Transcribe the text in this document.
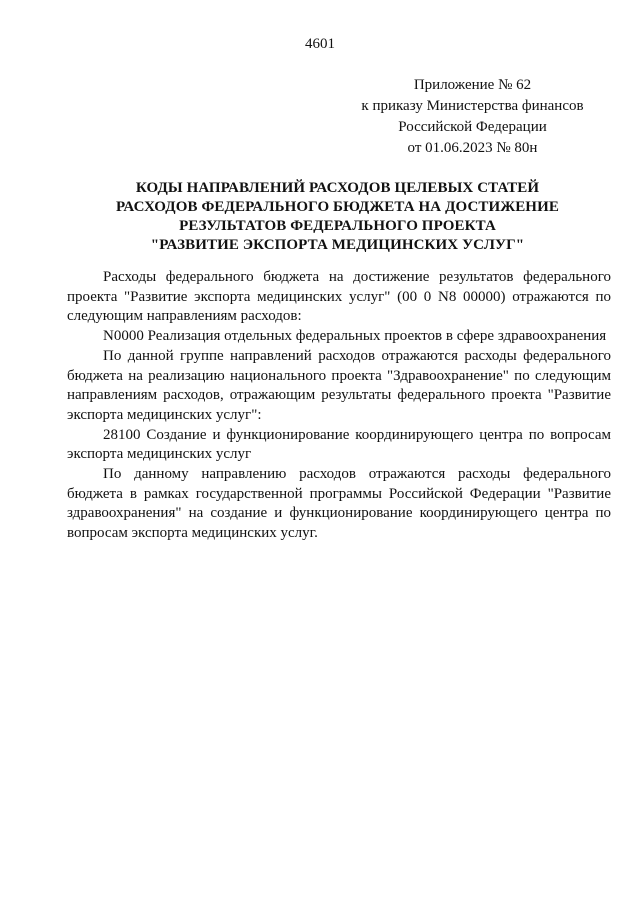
4601
Приложение № 62
к приказу Министерства финансов
Российской Федерации
от 01.06.2023 № 80н
КОДЫ НАПРАВЛЕНИЙ РАСХОДОВ ЦЕЛЕВЫХ СТАТЕЙ
РАСХОДОВ ФЕДЕРАЛЬНОГО БЮДЖЕТА НА ДОСТИЖЕНИЕ
РЕЗУЛЬТАТОВ ФЕДЕРАЛЬНОГО ПРОЕКТА
"РАЗВИТИЕ ЭКСПОРТА МЕДИЦИНСКИХ УСЛУГ"

Расходы федерального бюджета на достижение результатов федерального проекта "Развитие экспорта медицинских услуг" (00 0 N8 00000) отражаются по следующим направлениям расходов:

N0000 Реализация отдельных федеральных проектов в сфере здравоохранения

По данной группе направлений расходов отражаются расходы федерального бюджета на реализацию национального проекта "Здравоохранение" по следующим направлениям расходов, отражающим результаты федерального проекта "Развитие экспорта медицинских услуг":

28100 Создание и функционирование координирующего центра по вопросам экспорта медицинских услуг

По данному направлению расходов отражаются расходы федерального бюджета в рамках государственной программы Российской Федерации "Развитие здравоохранения" на создание и функционирование координирующего центра по вопросам экспорта медицинских услуг.
